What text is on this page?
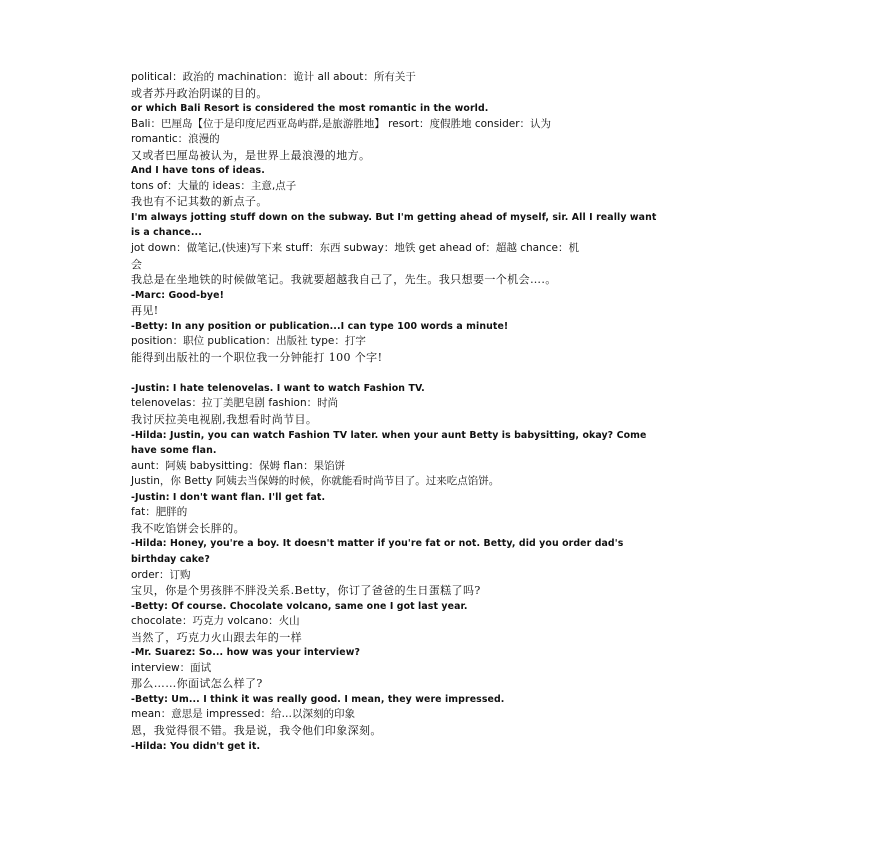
political：政治的 machination：诡计 all about：所有关于
或者苏丹政治阴谋的目的。
or which Bali Resort is considered the most romantic in the world.
Bali：巴厘岛【位于是印度尼西亚岛屿群,是旅游胜地】 resort：度假胜地 consider：认为
romantic：浪漫的
又或者巴厘岛被认为，是世界上最浪漫的地方。
And I have tons of ideas.
tons of：大量的 ideas：主意,点子
我也有不记其数的新点子。
I'm always jotting stuff down on the subway. But I'm getting ahead of myself, sir. All I really want
is a chance...
jot down：做笔记,(快速)写下来 stuff：东西 subway：地铁 get ahead of：超越 chance：机
会
我总是在坐地铁的时候做笔记。我就要超越我自己了，先生。我只想要一个机会….。
-Marc: Good-bye!
再见!
-Betty: In any position or publication...I can type 100 words a minute!
position：职位 publication：出版社 type：打字
能得到出版社的一个职位我一分钟能打 100 个字!
-Justin: I hate telenovelas. I want to watch Fashion TV.
telenovelas：拉丁美肥皂剧 fashion：时尚
我讨厌拉美电视剧,我想看时尚节目。
-Hilda: Justin, you can watch Fashion TV later. when your aunt Betty is babysitting, okay? Come
have some flan.
aunt：阿姨 babysitting：保姆 flan：果馅饼
Justin，你 Betty 阿姨去当保姆的时候，你就能看时尚节目了。过来吃点馅饼。
-Justin: I don't want flan. I'll get fat.
fat：肥胖的
我不吃馅饼会长胖的。
-Hilda: Honey, you're a boy. It doesn't matter if you're fat or not. Betty, did you order dad's
birthday cake?
order：订购
宝贝，你是个男孩胖不胖没关系.Betty，你订了爸爸的生日蛋糕了吗?
-Betty: Of course. Chocolate volcano, same one I got last year.
chocolate：巧克力 volcano：火山
当然了，巧克力火山跟去年的一样
-Mr. Suarez: So... how was your interview?
interview：面试
那么……你面试怎么样了?
-Betty: Um... I think it was really good. I mean, they were impressed.
mean：意思是 impressed：给…以深刻的印象
恩，我觉得很不错。我是说，我令他们印象深刻。
-Hilda: You didn't get it.
